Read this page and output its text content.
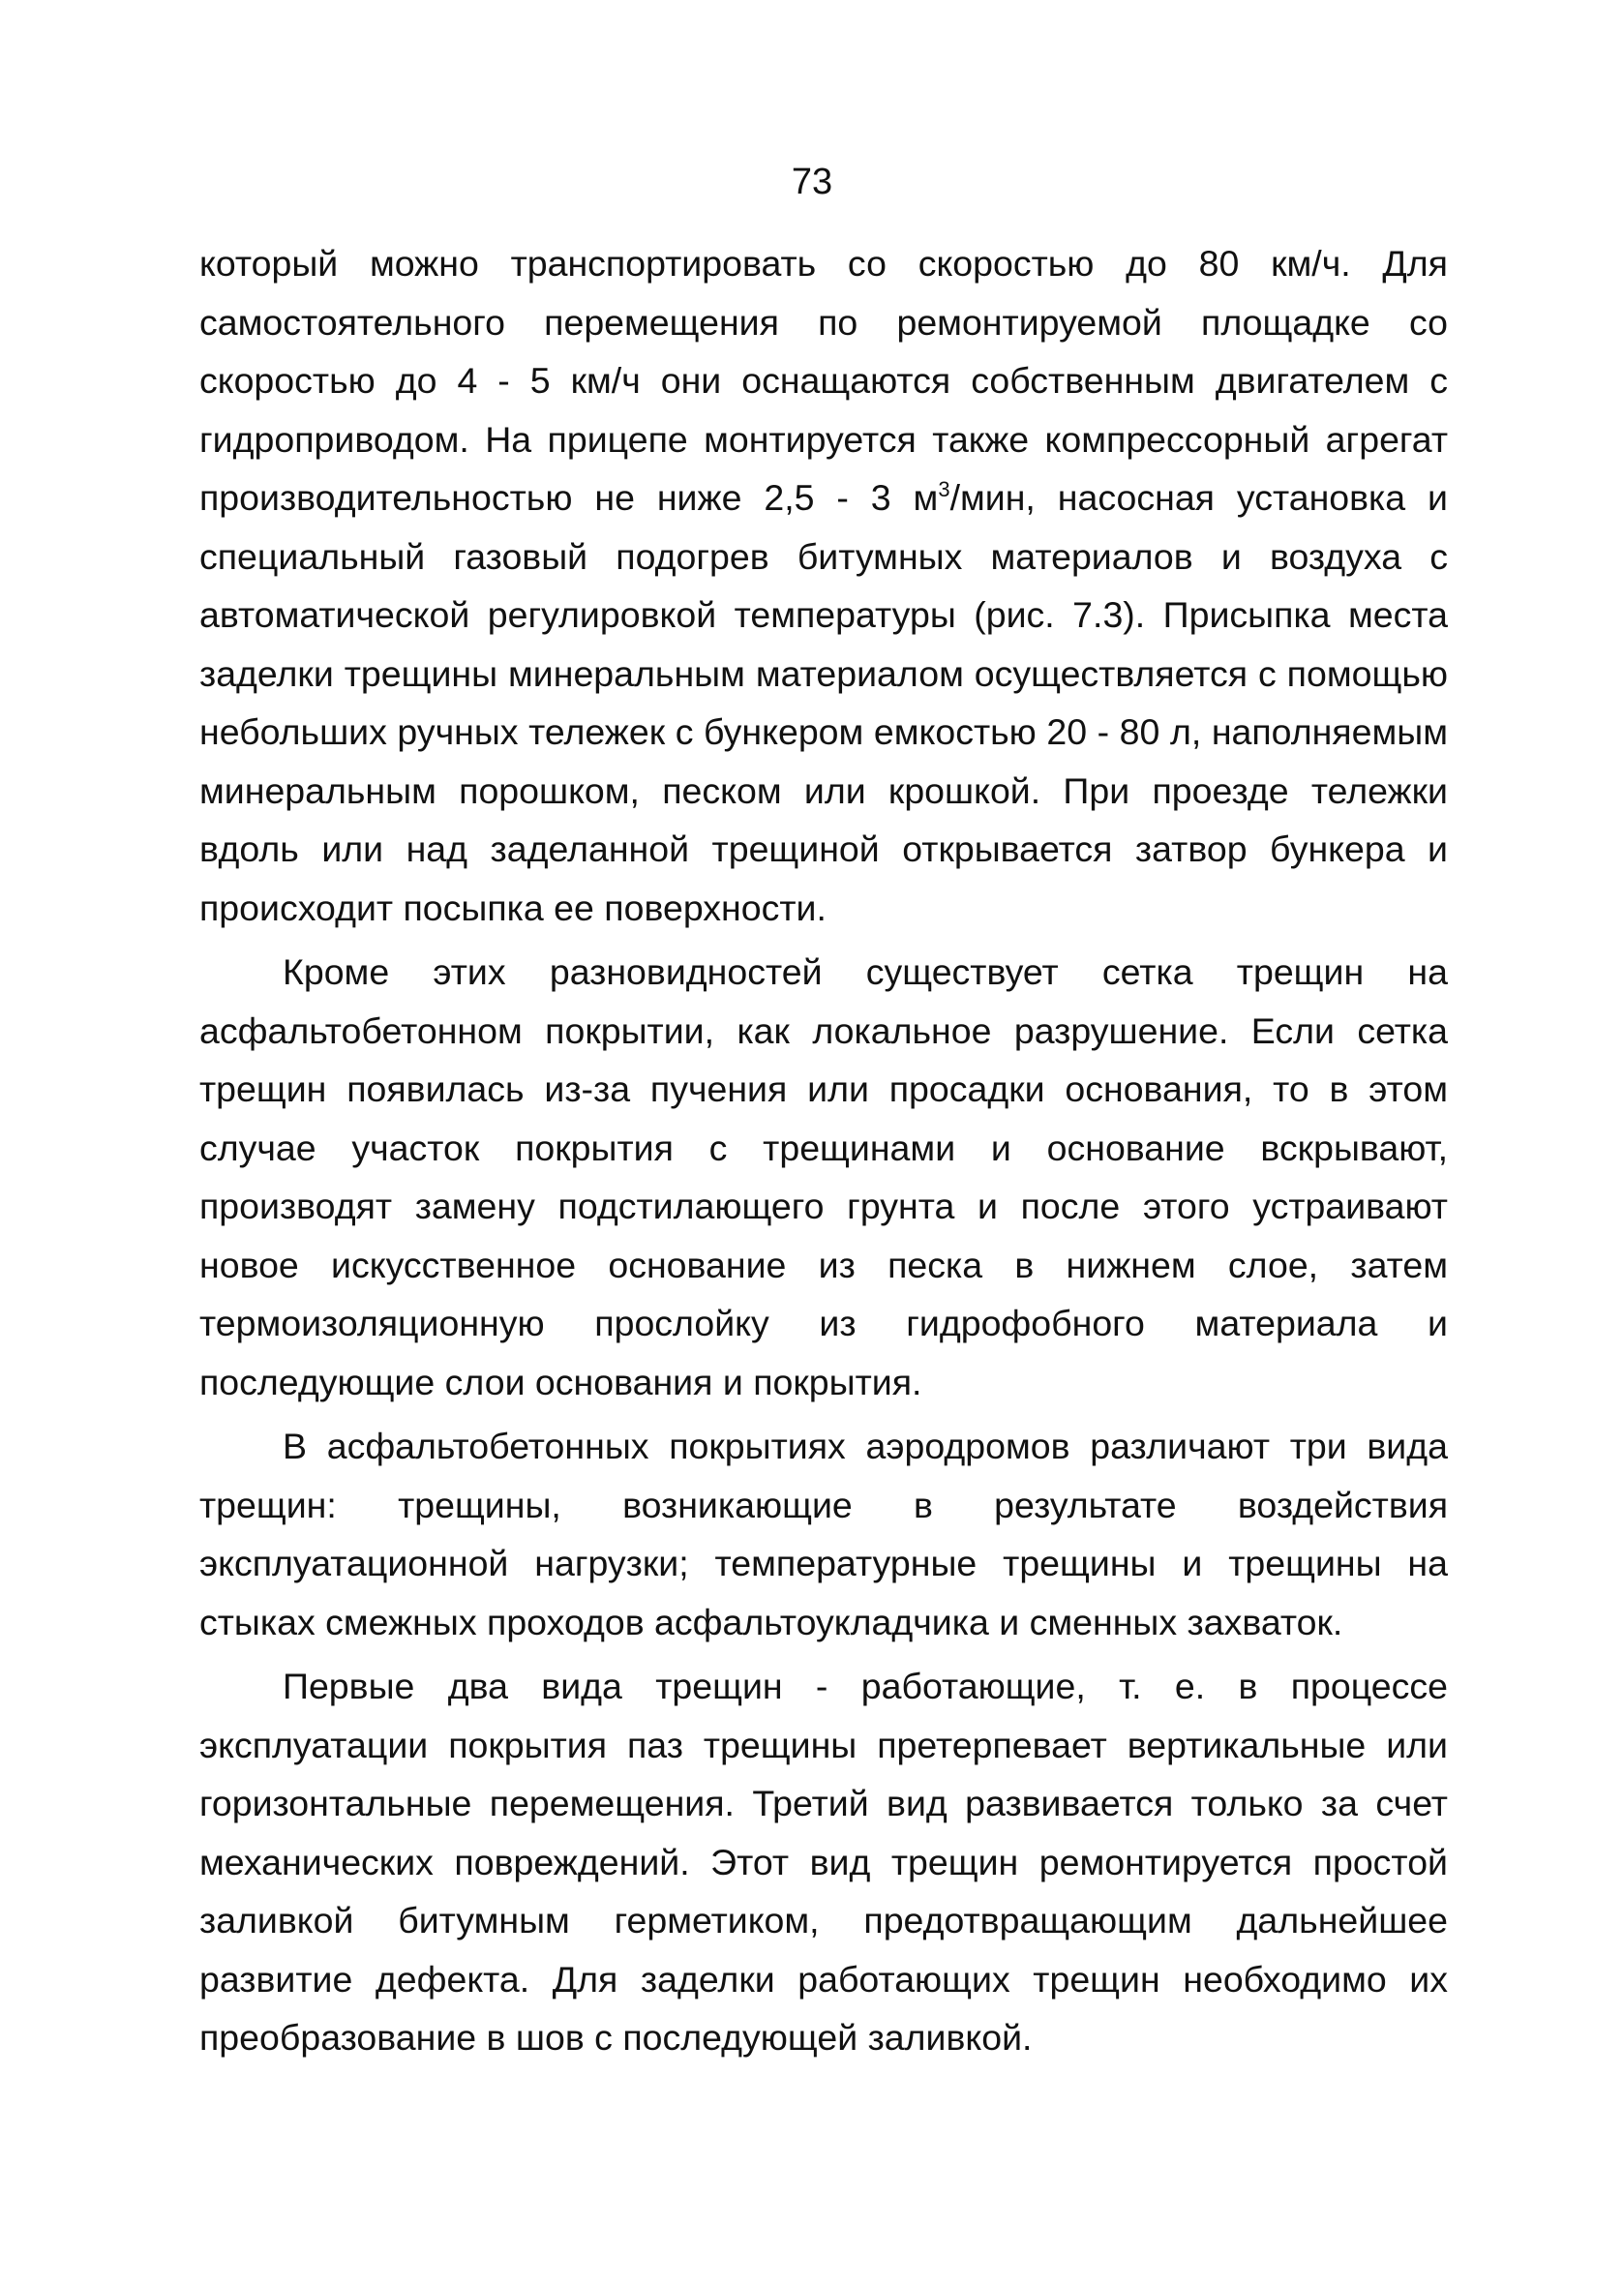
73

который можно транспортировать со скоростью до 80 км/ч. Для самостоятельного перемещения по ремонтируемой площадке со скоростью до 4 - 5 км/ч они оснащаются собственным двигателем с гидроприводом. На прицепе монтируется также компрессорный агрегат производительностью не ниже 2,5 - 3 $м^3$/мин, насосная установка и специальный газовый подогрев битумных материалов и воздуха с автоматической регулировкой температуры (рис. 7.3). Присыпка места заделки трещины минеральным материалом осуществляется с помощью небольших ручных тележек с бункером емкостью 20 - 80 л, наполняемым минеральным порошком, песком или крошкой. При проезде тележки вдоль или над заделанной трещиной открывается затвор бункера и происходит посыпка ее поверхности.

Кроме этих разновидностей существует сетка трещин на асфальтобетонном покрытии, как локальное разрушение. Если сетка трещин появилась из-за пучения или просадки основания, то в этом случае участок покрытия с трещинами и основание вскрывают, производят замену подстилающего грунта и после этого устраивают новое искусственное основание из песка в нижнем слое, затем термоизоляционную прослойку из гидрофобного материала и последующие слои основания и покрытия.

В асфальтобетонных покрытиях аэродромов различают три вида трещин: трещины, возникающие в результате воздействия эксплуатационной нагрузки; температурные трещины и трещины на стыках смежных проходов асфальтоукладчика и сменных захваток.

Первые два вида трещин - работающие, т. е. в процессе эксплуатации покрытия паз трещины претерпевает вертикальные или горизонтальные перемещения. Третий вид развивается только за счет механических повреждений. Этот вид трещин ремонтируется простой заливкой битумным герметиком, предотвращающим дальнейшее развитие дефекта. Для заделки работающих трещин необходимо их преобразование в шов с последующей заливкой.
